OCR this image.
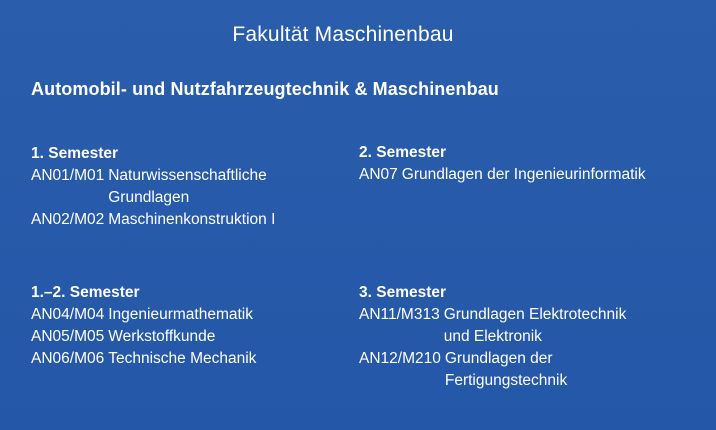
Fakultät Maschinenbau
Automobil- und Nutzfahrzeugtechnik & Maschinenbau
1. Semester
AN01/M01 Naturwissenschaftliche
Grundlagen
AN02/M02 Maschinenkonstruktion I
2. Semester
AN07 Grundlagen der Ingenieurinformatik
1.–2. Semester
AN04/M04 Ingenieurmathematik
AN05/M05 Werkstoffkunde
AN06/M06 Technische Mechanik
3. Semester
AN11/M313 Grundlagen Elektrotechnik
und Elektronik
AN12/M210 Grundlagen der
Fertigungstechnik
